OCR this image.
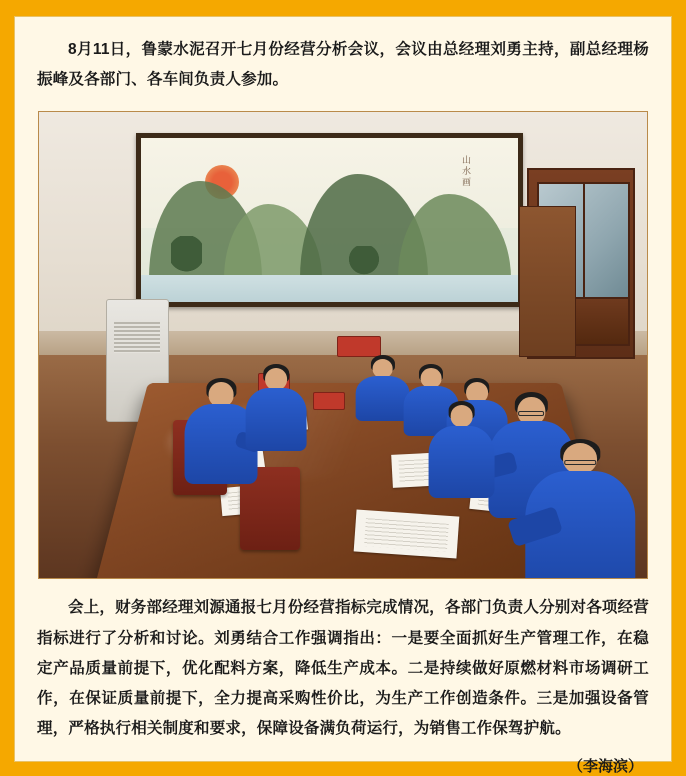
8月11日，鲁蒙水泥召开七月份经营分析会议，会议由总经理刘勇主持，副总经理杨振峰及各部门、各车间负责人参加。

山水画

会上，财务部经理刘源通报七月份经营指标完成情况，各部门负责人分别对各项经营指标进行了分析和讨论。刘勇结合工作强调指出：一是要全面抓好生产管理工作，在稳定产品质量前提下，优化配料方案，降低生产成本。二是持续做好原燃材料市场调研工作，在保证质量前提下，全力提高采购性价比，为生产工作创造条件。三是加强设备管理，严格执行相关制度和要求，保障设备满负荷运行，为销售工作保驾护航。

（李海滨）
